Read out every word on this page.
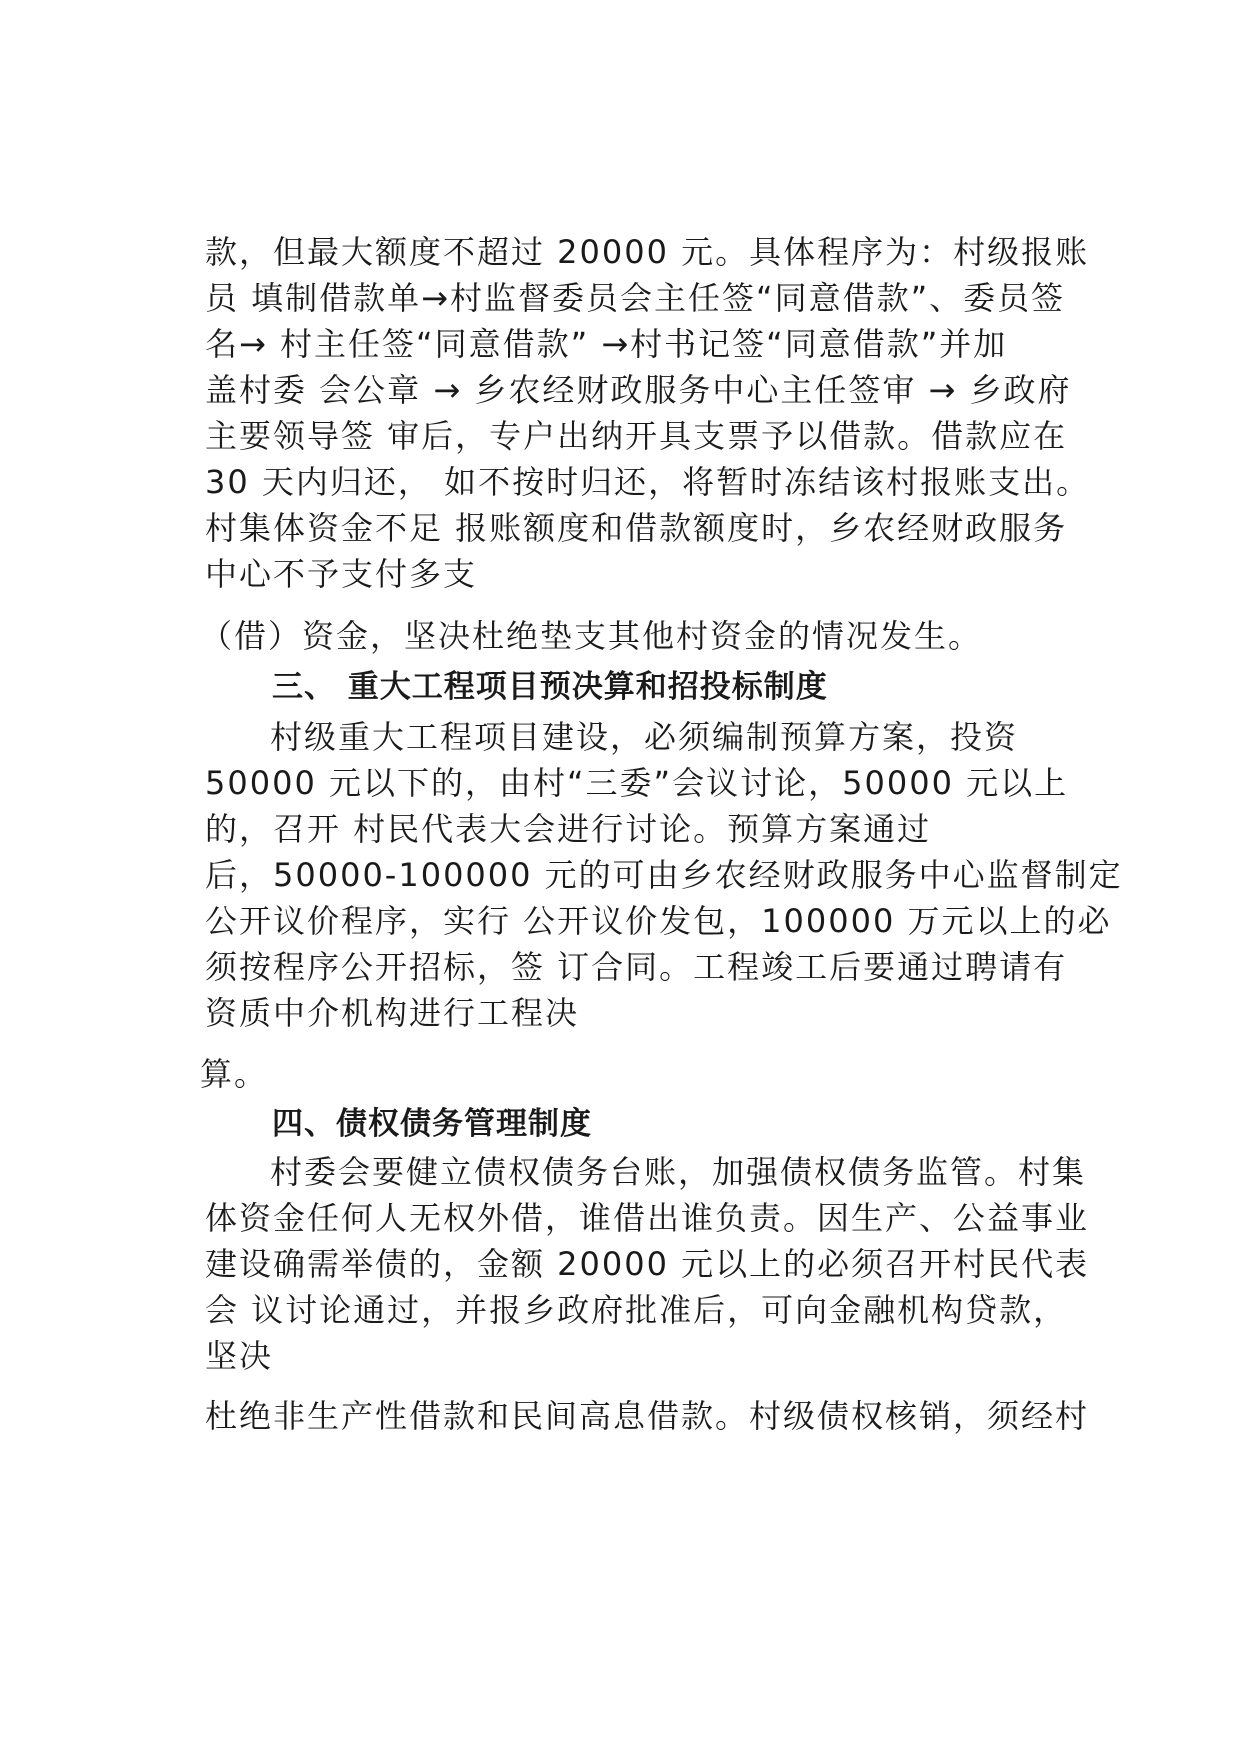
款，但最大额度不超过 20000 元。具体程序为：村级报账
员 填制借款单→村监督委员会主任签“同意借款”、委员签
名→ 村主任签“同意借款” →村书记签“同意借款”并加
盖村委 会公章 → 乡农经财政服务中心主任签审 → 乡政府
主要领导签 审后，专户出纳开具支票予以借款。借款应在
30 天内归还， 如不按时归还，将暂时冻结该村报账支出。
村集体资金不足 报账额度和借款额度时，乡农经财政服务
中心不予支付多支
（借）资金，坚决杜绝垫支其他村资金的情况发生。
三、 重大工程项目预决算和招投标制度
村级重大工程项目建设，必须编制预算方案，投资
50000 元以下的，由村“三委”会议讨论，50000 元以上
的，召开 村民代表大会进行讨论。预算方案通过
后，50000-100000 元的可由乡农经财政服务中心监督制定
公开议价程序，实行 公开议价发包，100000 万元以上的必
须按程序公开招标，签 订合同。工程竣工后要通过聘请有
资质中介机构进行工程决
算。
四、债权债务管理制度
村委会要健立债权债务台账，加强债权债务监管。村集
体资金任何人无权外借，谁借出谁负责。因生产、公益事业
建设确需举债的，金额 20000 元以上的必须召开村民代表
会 议讨论通过，并报乡政府批准后，可向金融机构贷款，
坚决
杜绝非生产性借款和民间高息借款。村级债权核销，须经村
